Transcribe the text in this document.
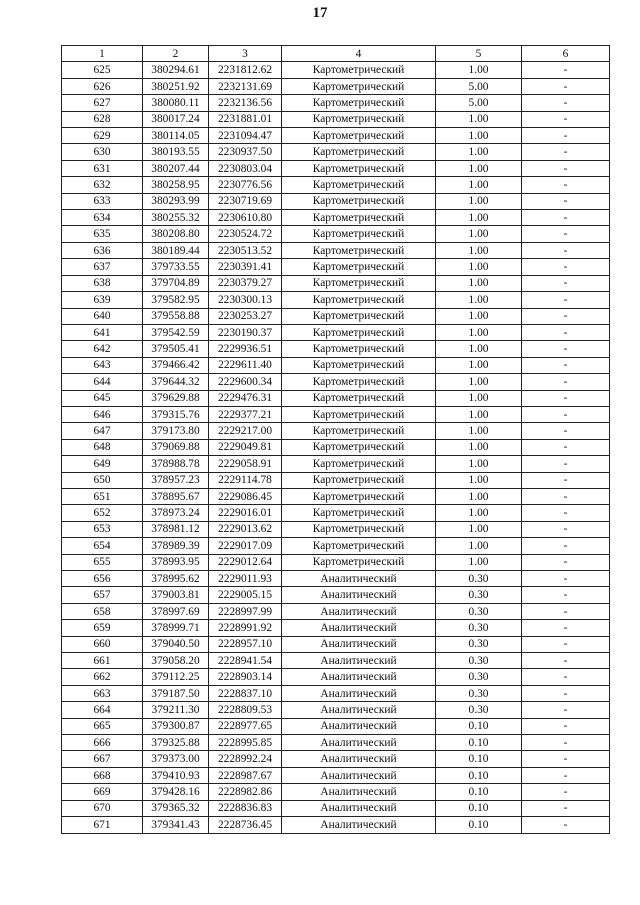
17
1	2	3	4	5	6
625	380294.61	2231812.62	Картометрический	1.00	-
626	380251.92	2232131.69	Картометрический	5.00	-
627	380080.11	2232136.56	Картометрический	5.00	-
628	380017.24	2231881.01	Картометрический	1.00	-
629	380114.05	2231094.47	Картометрический	1.00	-
630	380193.55	2230937.50	Картометрический	1.00	-
631	380207.44	2230803.04	Картометрический	1.00	-
632	380258.95	2230776.56	Картометрический	1.00	-
633	380293.99	2230719.69	Картометрический	1.00	-
634	380255.32	2230610.80	Картометрический	1.00	-
635	380208.80	2230524.72	Картометрический	1.00	-
636	380189.44	2230513.52	Картометрический	1.00	-
637	379733.55	2230391.41	Картометрический	1.00	-
638	379704.89	2230379.27	Картометрический	1.00	-
639	379582.95	2230300.13	Картометрический	1.00	-
640	379558.88	2230253.27	Картометрический	1.00	-
641	379542.59	2230190.37	Картометрический	1.00	-
642	379505.41	2229936.51	Картометрический	1.00	-
643	379466.42	2229611.40	Картометрический	1.00	-
644	379644.32	2229600.34	Картометрический	1.00	-
645	379629.88	2229476.31	Картометрический	1.00	-
646	379315.76	2229377.21	Картометрический	1.00	-
647	379173.80	2229217.00	Картометрический	1.00	-
648	379069.88	2229049.81	Картометрический	1.00	-
649	378988.78	2229058.91	Картометрический	1.00	-
650	378957.23	2229114.78	Картометрический	1.00	-
651	378895.67	2229086.45	Картометрический	1.00	-
652	378973.24	2229016.01	Картометрический	1.00	-
653	378981.12	2229013.62	Картометрический	1.00	-
654	378989.39	2229017.09	Картометрический	1.00	-
655	378993.95	2229012.64	Картометрический	1.00	-
656	378995.62	2229011.93	Аналитический	0.30	-
657	379003.81	2229005.15	Аналитический	0.30	-
658	378997.69	2228997.99	Аналитический	0.30	-
659	378999.71	2228991.92	Аналитический	0.30	-
660	379040.50	2228957.10	Аналитический	0.30	-
661	379058.20	2228941.54	Аналитический	0.30	-
662	379112.25	2228903.14	Аналитический	0.30	-
663	379187.50	2228837.10	Аналитический	0.30	-
664	379211.30	2228809.53	Аналитический	0.30	-
665	379300.87	2228977.65	Аналитический	0.10	-
666	379325.88	2228995.85	Аналитический	0.10	-
667	379373.00	2228992.24	Аналитический	0.10	-
668	379410.93	2228987.67	Аналитический	0.10	-
669	379428.16	2228982.86	Аналитический	0.10	-
670	379365.32	2228836.83	Аналитический	0.10	-
671	379341.43	2228736.45	Аналитический	0.10	-
